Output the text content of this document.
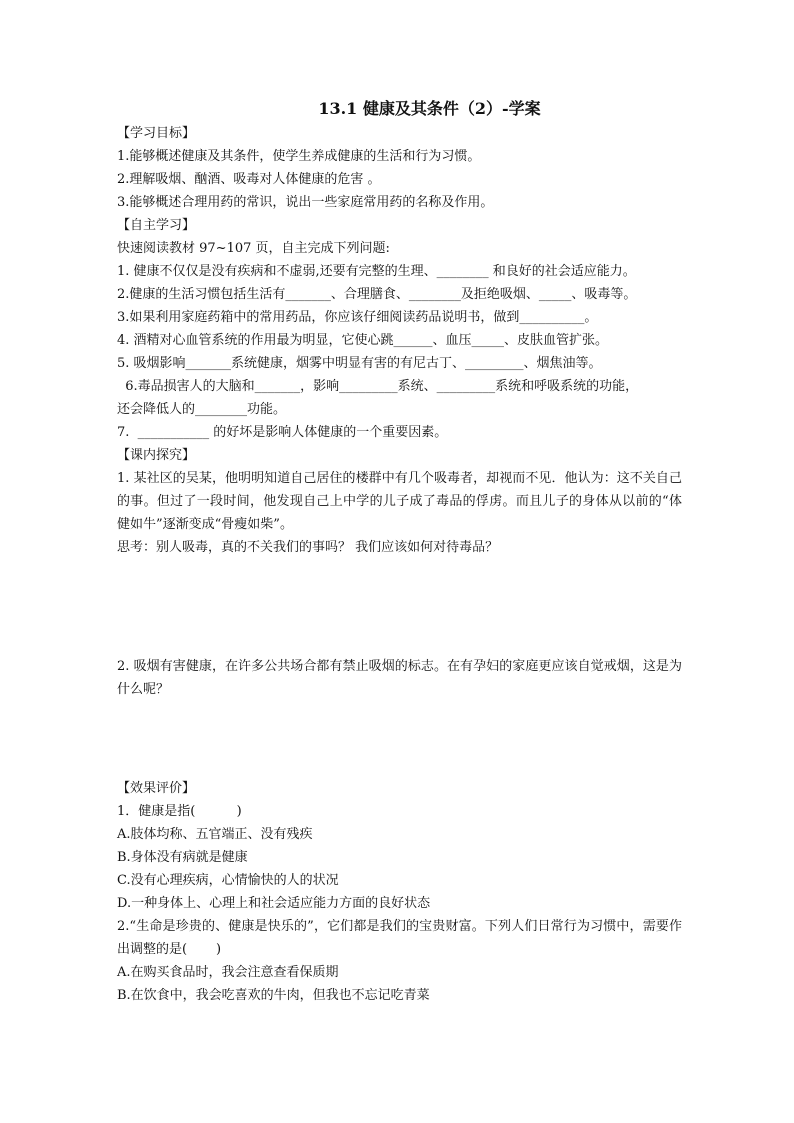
13.1 健康及其条件（2）-学案
【学习目标】
1.能够概述健康及其条件，使学生养成健康的生活和行为习惯。
2.理解吸烟、酗酒、吸毒对人体健康的危害 。
3.能够概述合理用药的常识，说出一些家庭常用药的名称及作用。
【自主学习】
快速阅读教材 97~107 页，自主完成下列问题:
1. 健康不仅仅是没有疾病和不虚弱,还要有完整的生理、________ 和良好的社会适应能力。
2.健康的生活习惯包括生活有_______、合理膳食、________及拒绝吸烟、_____、吸毒等。
3.如果利用家庭药箱中的常用药品，你应该仔细阅读药品说明书，做到__________。
4. 酒精对心血管系统的作用最为明显，它使心跳______、血压_____、皮肤血管扩张。
5. 吸烟影响_______系统健康，烟雾中明显有害的有尼古丁、_________、烟焦油等。
6.毒品损害人的大脑和_______，影响_________系统、_________系统和呼吸系统的功能，
还会降低人的________功能。
7.  ___________ 的好坏是影响人体健康的一个重要因素。
【课内探究】
1. 某社区的吴某，他明明知道自己居住的楼群中有几个吸毒者，却视而不见．他认为：这不关自己的事。但过了一段时间，他发现自己上中学的儿子成了毒品的俘虏。而且儿子的身体从以前的“体健如牛”逐渐变成“骨瘦如柴”。
思考：别人吸毒，真的不关我们的事吗？ 我们应该如何对待毒品？
2. 吸烟有害健康，在许多公共场合都有禁止吸烟的标志。在有孕妇的家庭更应该自觉戒烟，这是为什么呢？
【效果评价】
1．健康是指(          )
A.肢体均称、五官端正、没有残疾
B.身体没有病就是健康
C.没有心理疾病，心情愉快的人的状况
D.一种身体上、心理上和社会适应能力方面的良好状态
2.“生命是珍贵的、健康是快乐的”，它们都是我们的宝贵财富。下列人们日常行为习惯中，需要作出调整的是(       )
A.在购买食品时，我会注意查看保质期
B.在饮食中，我会吃喜欢的牛肉，但我也不忘记吃青菜
